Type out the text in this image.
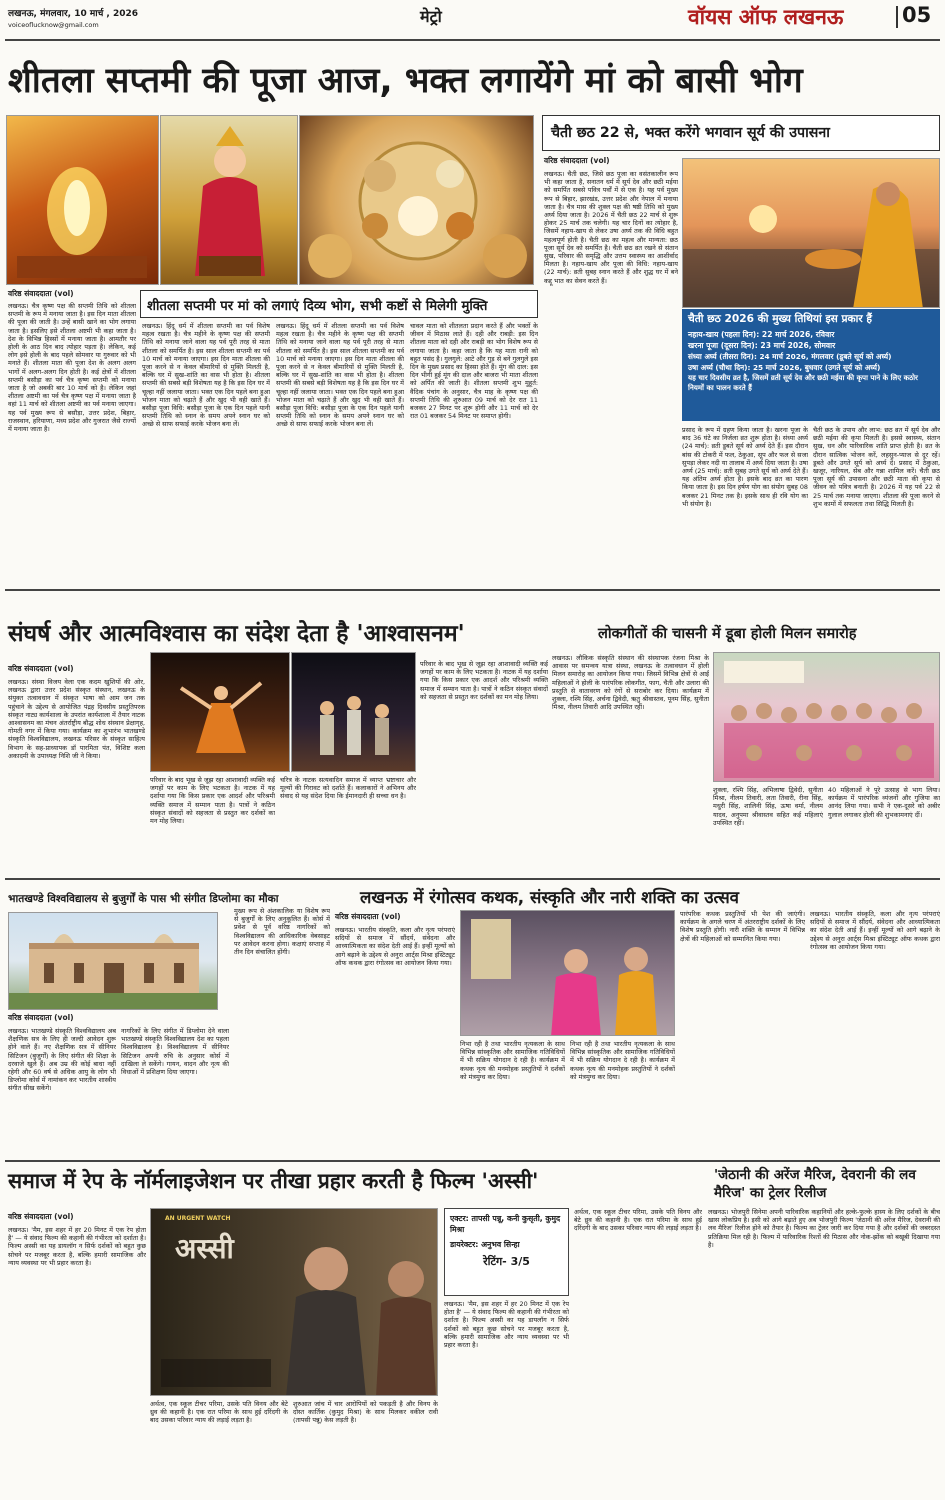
लखनऊ, मंगलवार, 10 मार्च , 2026
voiceoflucknow@gmail.com	मेट्रो	वॉयस ऑफ लखनऊ	05
शीतला सप्तमी की पूजा आज, भक्त लगायेंगे मां को बासी भोग
वरिष्ठ संवाददाता (vol)
लखनऊ। चैत्र कृष्ण पक्ष की सप्तमी तिथि को शीतला सप्तमी के रूप में मनाया जाता है। इस दिन माता शीतला की पूजा की जाती है। उन्हें बासी खाने का भोग लगाया जाता है। इसलिए इसे शीतला अष्टमी भी कहा जाता है। देश के विभिन्न हिस्सों में मनाया जाता है। आमतौर पर होली के आठ दिन बाद त्योहार पड़ता है। लेकिन, कई लोग इसे होली के बाद पहले सोमवार या गुरुवार को भी मनाते हैं। शीतला माता की पूजा देश के अलग अलग भागों में अलग-अलग दिन होती है। कई क्षेत्रों में शीतला सप्तमी बसौड़ा का पर्व चैत्र कृष्ण सप्तमी को मनाया जाता है जो अबकी बार 10 मार्च को है। लेकिन जहां शीतला अष्टमी का पर्व चैत्र कृष्ण पक्ष में मनाया जाता है वहां 11 मार्च को शीतला अष्टमी का पर्व मनाया जाएगा। यह पर्व मुख्य रूप से बसौड़ा, उत्तर प्रदेश, बिहार, राजस्थान, हरियाणा, मध्य प्रदेश और गुजरात जैसे राज्यों में मनाया जाता है।
शीतला सप्तमी पर मां को लगाएं दिव्य भोग, सभी कष्टों से मिलेगी मुक्ति
लखनऊ। हिंदू धर्म में शीतला सप्तमी का पर्व विशेष महत्व रखता है। चैत्र महीने के कृष्ण पक्ष की सप्तमी तिथि को मनाया जाने वाला यह पर्व पूरी तरह से माता शीतला को समर्पित है। इस साल शीतला सप्तमी का पर्व 10 मार्च को मनाया जाएगा। इस दिन माता शीतला की पूजा करने से न केवल बीमारियों से मुक्ति मिलती है, बल्कि घर में सुख-शांति का वास भी होता है। शीतला सप्तमी की सबसे बड़ी विशेषता यह है कि इस दिन घर में चूल्हा नहीं जलाया जाता। भक्त एक दिन पहले बना हुआ भोजन माता को चढ़ाते हैं और खुद भी वही खाते हैं। बसौड़ा पूजा विधि: बसौड़ा पूजा के एक दिन पहले यानी सप्तमी तिथि को स्नान के समय अपने स्नान घर को अच्छे से साफ सफाई करके भोजन बना लें।
लखनऊ। हिंदू धर्म में शीतला सप्तमी का पर्व विशेष महत्व रखता है। चैत्र महीने के कृष्ण पक्ष की सप्तमी तिथि को मनाया जाने वाला यह पर्व पूरी तरह से माता शीतला को समर्पित है। इस साल शीतला सप्तमी का पर्व 10 मार्च को मनाया जाएगा। इस दिन माता शीतला की पूजा करने से न केवल बीमारियों से मुक्ति मिलती है, बल्कि घर में सुख-शांति का वास भी होता है। शीतला सप्तमी की सबसे बड़ी विशेषता यह है कि इस दिन घर में चूल्हा नहीं जलाया जाता। भक्त एक दिन पहले बना हुआ भोजन माता को चढ़ाते हैं और खुद भी वही खाते हैं। बसौड़ा पूजा विधि: बसौड़ा पूजा के एक दिन पहले यानी सप्तमी तिथि को स्नान के समय अपने स्नान घर को अच्छे से साफ सफाई करके भोजन बना लें।
चावल माता को शीतलता प्रदान करते हैं और भक्तों के जीवन में मिठास लाते हैं। दही और राबड़ी: इस दिन शीतला माता को दही और राबड़ी का भोग विशेष रूप से लगाया जाता है। कहा जाता है कि यह माता रानी को बहुत पसंद है। गुलगुले: आटे और गुड़ से बने गुलगुले इस दिन के मुख्य प्रसाद का हिस्सा होते हैं। मूंग की दाल: इस दिन भीगी हुई मूंग की दाल और बाजरा भी माता शीतला को अर्पित की जाती है। शीतला सप्तमी शुभ मुहूर्त: वैदिक पंचांग के अनुसार, चैत्र माह के कृष्ण पक्ष की सप्तमी तिथि की शुरुआत 09 मार्च को देर रात 11 बजकर 27 मिनट पर शुरू होगी और 11 मार्च को देर रात 01 बजकर 54 मिनट पर समाप्त होगी।
चैती छठ 22 से, भक्त करेंगे भगवान सूर्य की उपासना
वरिष्ठ संवाददाता (vol)
लखनऊ। चैती छठ, जिसे छठ पूजा का वसंतकालीन रूप भी कहा जाता है, सनातन धर्म में सूर्य देव और छठी मईया को समर्पित सबसे पवित्र पर्वों में से एक है। यह पर्व मुख्य रूप से बिहार, झारखंड, उत्तर प्रदेश और नेपाल में मनाया जाता है। चैत्र मास की शुक्ल पक्ष की षष्ठी तिथि को मुख्य अर्घ्य दिया जाता है। 2026 में चैती छठ 22 मार्च से शुरू होकर 25 मार्च तक चलेगी। यह चार दिनों का त्योहार है, जिसमें नहाय-खाय से लेकर उषा अर्घ्य तक की विधि बहुत महत्वपूर्ण होती है। चैती छठ का महत्व और मान्यता: छठ पूजा सूर्य देव को समर्पित है। चैती छठ व्रत रखने से संतान सुख, परिवार की समृद्धि और उत्तम स्वास्थ्य का आशीर्वाद मिलता है। नहाय-खाय और पूजा की विधि: नहाय-खाय (22 मार्च): व्रती सुबह स्नान करते हैं और शुद्ध घर में बने कद्दू भात का सेवन करते हैं।
चैती छठ 2026 की मुख्य तिथियां इस प्रकार हैं
नहाय-खाय (पहला दिन): 22 मार्च 2026, रविवार
खरना पूजा (दूसरा दिन): 23 मार्च 2026, सोमवार
संध्या अर्घ्य (तीसरा दिन): 24 मार्च 2026, मंगलवार (डूबते सूर्य को अर्घ्य)
उषा अर्घ्य (चौथा दिन): 25 मार्च 2026, बुधवार (उगते सूर्य को अर्घ्य)
यह चार दिवसीय व्रत है, जिसमें व्रती सूर्य देव और छठी मईया की कृपा पाने के लिए कठोर नियमों का पालन करते हैं
प्रसाद के रूप में ग्रहण किया जाता है। खरना पूजा के बाद 36 घंटे का निर्जला व्रत शुरू होता है। संध्या अर्घ्य (24 मार्च): व्रती डूबते सूर्य को अर्घ्य देते हैं। इस दौरान बांस की टोकरी में फल, ठेकुआ, सूप और फल से सजा सुपड़ा लेकर नदी या तालाब में अर्घ्य दिया जाता है। उषा अर्घ्य (25 मार्च): व्रती सुबह उगते सूर्य को अर्घ्य देते हैं। यह अंतिम अर्घ्य होता है। इसके बाद व्रत का पारण किया जाता है। इस दिन हर्षण योग का संयोग सुबह 08 बजकर 21 मिनट तक है। इसके साथ ही रवि योग का भी संयोग है।
चैती छठ के उपाय और लाभ: छठ व्रत में सूर्य देव और छठी मईया की कृपा मिलती है। इससे स्वास्थ्य, संतान सुख, धन और पारिवारिक शांति प्राप्त होती है। व्रत के दौरान सात्विक भोजन करें, लहसुन-प्याज से दूर रहें। डूबते और उगते सूर्य को अर्घ्य दें। प्रसाद में ठेकुआ, खजूर, नारियल, सेब और गन्ना शामिल करें। चैती छठ पूजा सूर्य की उपासना और छठी माता की कृपा से जीवन को पवित्र बनाती है। 2026 में यह पर्व 22 से 25 मार्च तक मनाया जाएगा। शीतला की पूजा करने से शुभ कामों में सफलता तथा सिद्धि मिलती है।
संघर्ष और आत्मविश्वास का संदेश देता है 'आश्वासनम'
वरिष्ठ संवाददाता (vol)
लखनऊ। संस्था विजय वेला एक कदम खुशियों की ओर, लखनऊ द्वारा उत्तर प्रदेश संस्कृत संस्थान, लखनऊ के संयुक्त तत्वावधान में संस्कृत भाषा को आम जन तक पहुंचाने के उद्देश्य से आयोजित पंद्रह दिवसीय प्रस्तुतिपरक संस्कृत नाट्य कार्यशाला के उपरांत कार्यशाला में तैयार नाटक आश्वासनम का मंचन अंतर्राष्ट्रीय बौद्ध शोध संस्थान प्रेक्षागृह, गोमती नगर में किया गया। कार्यक्रम का शुभारंभ भातखण्डे संस्कृति विश्वविद्यालय, लखनऊ परिसर के संस्कृत साहित्य विभाग के सह-प्राध्यापक डॉ पारमिता पंत, विशिष्ट कला अकादमी के उपाध्यक्ष निशि जी ने किया।
परिवार के बाद भूख से जूझ रहा आशावादी व्यक्ति कई जगहों पर काम के लिए भटकता है। नाटक में यह दर्शाया गया कि किस प्रकार एक आदर्श और परिश्रमी व्यक्ति समाज में सम्मान पाता है। पात्रों ने कठिन संस्कृत संवादों को सहजता से प्रस्तुत कर दर्शकों का मन मोह लिया।
चरित्र के नाटक सत्यवादिन समाज में व्याप्त भ्रष्टाचार और मूल्यों की गिरावट को दर्शाते हैं। कलाकारों ने अभिनय और संवाद से यह संदेश दिया कि ईमानदारी ही सच्चा धन है।
परिवार के बाद भूख से जूझ रहा आशावादी व्यक्ति कई जगहों पर काम के लिए भटकता है। नाटक में यह दर्शाया गया कि किस प्रकार एक आदर्श और परिश्रमी व्यक्ति समाज में सम्मान पाता है। पात्रों ने कठिन संस्कृत संवादों को सहजता से प्रस्तुत कर दर्शकों का मन मोह लिया।
लोकगीतों की चासनी में डूबा होली मिलन समारोह
लखनऊ। लौकिक संस्कृति संस्थान की संस्थापक रंजना मिश्रा के आवास पर समन्वय यात्रा संस्था, लखनऊ के तत्वावधान में होली मिलन समारोह का आयोजन किया गया। जिसमें विभिन्न क्षेत्रों से आईं महिलाओं ने होली के पारंपरिक लोकगीत, फाग, चैती और उलारा की प्रस्तुति से वातावरण को रंगों से सराबोर कर दिया। कार्यक्रम में शुक्ला, रश्मि सिंह, अर्चना द्विवेदी, ऋतु श्रीवास्तव, पूनम सिंह, सुनीता मिश्रा, नीलम तिवारी आदि उपस्थित रहीं।
शुक्ला, रश्मि सिंह, अभिलाषा द्विवेदी, सुनीता मिश्रा, नीलम तिवारी, लता तिवारी, रीना सिंह, मधुरी सिंह, शालिनी सिंह, ऊषा वर्मा, नीलम यादव, अनुपमा श्रीवास्तव सहित कई महिलाएं उपस्थित रहीं।
40 महिलाओं ने पूरे उत्साह से भाग लिया। कार्यक्रम में पारंपरिक व्यंजनों और गुजिया का आनंद लिया गया। सभी ने एक-दूसरे को अबीर गुलाल लगाकर होली की शुभकामनाएं दीं।
भातखण्डे विश्वविद्यालय से बुजुर्गों के पास भी संगीत डिप्लोमा का मौका
वरिष्ठ संवाददाता (vol)
लखनऊ। भातखण्डे संस्कृति विश्वविद्यालय अब शैक्षणिक सत्र के लिए ही जल्दी आवेदन शुरू होने वाले हैं। नए शैक्षणिक सत्र में सीनियर सिटिजन (बुजुर्गों) के लिए संगीत की शिक्षा के दरवाजे खुले हैं। अब उम्र की कोई बाधा नहीं रहेगी और 60 वर्ष से अधिक आयु के लोग भी डिप्लोमा कोर्स में नामांकन कर भारतीय शास्त्रीय संगीत सीख सकेंगे।
नागरिकों के लिए संगीत में डिप्लोमा देने वाला भातखण्डे संस्कृति विश्वविद्यालय देश का पहला विश्वविद्यालय है। विश्वविद्यालय में सीनियर सिटिजन अपनी रुचि के अनुसार कोर्स में दाखिला ले सकेंगे। गायन, वादन और नृत्य की विधाओं में प्रशिक्षण दिया जाएगा।
मुख्य रूप से अंशकालिक या विशेष रूप से बुजुर्गों के लिए अनुकूलित हैं। कोर्स में प्रवेश से पूर्व वरिष्ठ नागरिकों को विश्वविद्यालय की आधिकारिक वेबसाइट पर आवेदन करना होगा। कक्षाएं सप्ताह में तीन दिन संचालित होंगी।
लखनऊ में रंगोत्सव कथक, संस्कृति और नारी शक्ति का उत्सव
वरिष्ठ संवाददाता (vol)
लखनऊ। भारतीय संस्कृति, कला और नृत्य परंपराएं सदियों से समाज में सौंदर्य, संवेदना और आध्यात्मिकता का संदेश देती आई हैं। इन्हीं मूल्यों को आगे बढ़ाने के उद्देश्य से अनुरा आर्ट्स मिश्रा इंस्टिट्यूट ऑफ कथक द्वारा रंगोत्सव का आयोजन किया गया।
निभा रही है तथा भारतीय नृत्यकला के साथ विभिन्न सांस्कृतिक और सामाजिक गतिविधियों में भी सक्रिय योगदान दे रही है। कार्यक्रम में कथक नृत्य की मनमोहक प्रस्तुतियों ने दर्शकों को मंत्रमुग्ध कर दिया।
निभा रही है तथा भारतीय नृत्यकला के साथ विभिन्न सांस्कृतिक और सामाजिक गतिविधियों में भी सक्रिय योगदान दे रही है। कार्यक्रम में कथक नृत्य की मनमोहक प्रस्तुतियों ने दर्शकों को मंत्रमुग्ध कर दिया।
पारंपरिक कथक प्रस्तुतियों भी पेश की जाएंगी। कार्यक्रम के अगले चरण में अंतरराष्ट्रीय दर्शकों के लिए विशेष प्रस्तुति होगी। नारी शक्ति के सम्मान में विभिन्न क्षेत्रों की महिलाओं को सम्मानित किया गया।
लखनऊ। भारतीय संस्कृति, कला और नृत्य परंपराएं सदियों से समाज में सौंदर्य, संवेदना और आध्यात्मिकता का संदेश देती आई हैं। इन्हीं मूल्यों को आगे बढ़ाने के उद्देश्य से अनुरा आर्ट्स मिश्रा इंस्टिट्यूट ऑफ कथक द्वारा रंगोत्सव का आयोजन किया गया।
समाज में रेप के नॉर्मलाइजेशन पर तीखा प्रहार करती है फिल्म 'अस्सी'
वरिष्ठ संवाददाता (vol)
लखनऊ। 'मैम, इस शहर में हर 20 मिनट में एक रेप होता है' — ये संवाद फिल्म की कहानी की गंभीरता को दर्शाता है। फिल्म अस्सी का यह डायलॉग न सिर्फ दर्शकों को बहुत कुछ सोचने पर मजबूर करता है, बल्कि हमारी सामाजिक और न्याय व्यवस्था पर भी प्रहार करता है।
AN URGENT WATCH
अस्सी
अर्थत्व, एक स्कूल टीचर परिमा, उसके पति विनय और बेटे ध्रुव की कहानी है। एक रात परिमा के साथ हुई दरिंदगी के बाद उसका परिवार न्याय की लड़ाई लड़ता है।
शुरुआत जांच में चार आरोपियों को पकड़ती है और विनय के दोस्त कार्तिक (कुमुद मिश्रा) के साथ मिलकर वकील रावी (तापसी पन्नू) केस लड़ती है।
एक्टर: तापसी पन्नू, कनी कुसृती, कुमुद मिश्रा
डायरेक्टर: अनुभव सिन्हा
रेटिंग- 3/5
लखनऊ। 'मैम, इस शहर में हर 20 मिनट में एक रेप होता है' — ये संवाद फिल्म की कहानी की गंभीरता को दर्शाता है। फिल्म अस्सी का यह डायलॉग न सिर्फ दर्शकों को बहुत कुछ सोचने पर मजबूर करता है, बल्कि हमारी सामाजिक और न्याय व्यवस्था पर भी प्रहार करता है।
अर्थत्व, एक स्कूल टीचर परिमा, उसके पति विनय और बेटे ध्रुव की कहानी है। एक रात परिमा के साथ हुई दरिंदगी के बाद उसका परिवार न्याय की लड़ाई लड़ता है।
'जेठानी की अरेंज मैरिज, देवरानी की लव मैरिज' का ट्रेलर रिलीज
लखनऊ। भोजपुरी सिनेमा अपनी पारिवारिक कहानियों और हल्के-फुल्के हास्य के लिए दर्शकों के बीच खास लोकप्रिय है। इसी को आगे बढ़ाते हुए अब भोजपुरी फिल्म 'जेठानी की अरेंज मैरिज, देवरानी की लव मैरिज' रिलीज होने को तैयार है। फिल्म का ट्रेलर जारी कर दिया गया है और दर्शकों की जबरदस्त प्रतिक्रिया मिल रही है। फिल्म में पारिवारिक रिश्तों की मिठास और नोक-झोंक को बखूबी दिखाया गया है।
